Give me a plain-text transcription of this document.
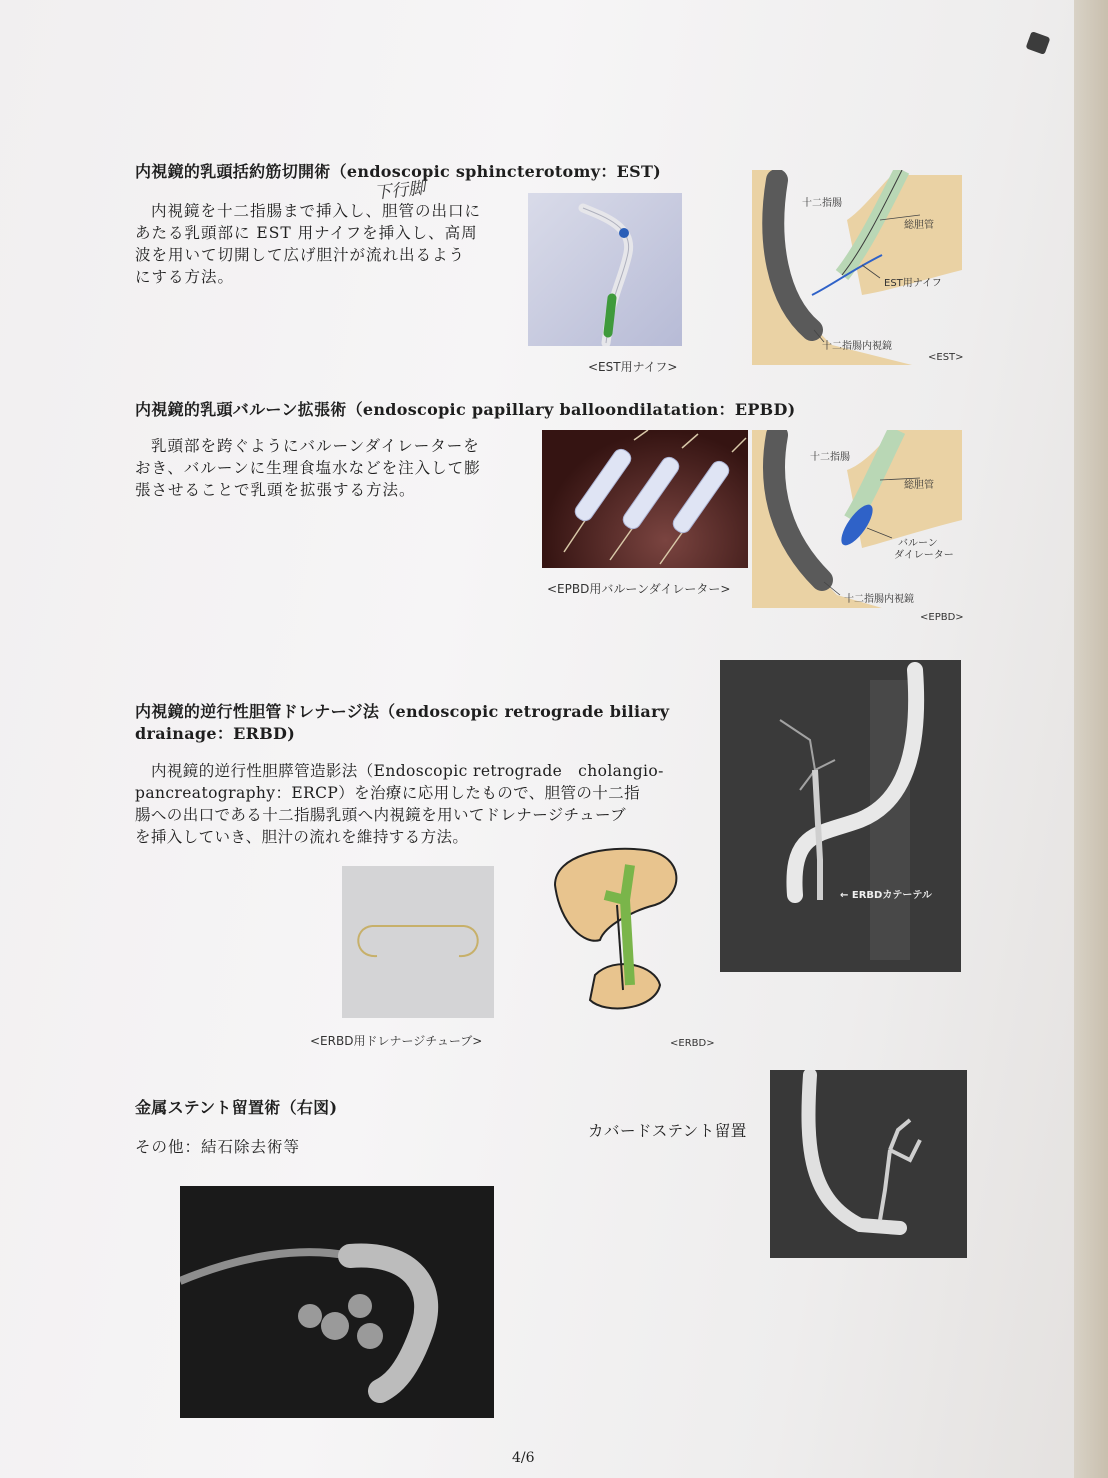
内視鏡的乳頭括約筋切開術（endoscopic sphincterotomy：EST)
下行脚
内視鏡を十二指腸まで挿入し、胆管の出口に
あたる乳頭部に EST 用ナイフを挿入し、高周
波を用いて切開して広げ胆汁が流れ出るよう
にする方法。
<EST用ナイフ>
十二指腸
総胆管
EST用ナイフ
十二指腸内視鏡
<EST>
内視鏡的乳頭バルーン拡張術（endoscopic papillary balloondilatation：EPBD)
乳頭部を跨ぐようにバルーンダイレーターを
おき、バルーンに生理食塩水などを注入して膨
張させることで乳頭を拡張する方法。
<EPBD用バルーンダイレーター>
十二指腸
総胆管
バルーン
ダイレーター
十二指腸内視鏡
<EPBD>
内視鏡的逆行性胆管ドレナージ法（endoscopic retrograde biliary
drainage：ERBD)
内視鏡的逆行性胆膵管造影法（Endoscopic retrograde　cholangio-
pancreatography：ERCP）を治療に応用したもので、胆管の十二指
腸への出口である十二指腸乳頭へ内視鏡を用いてドレナージチューブ
を挿入していき、胆汁の流れを維持する方法。
← ERBDカテーテル
<ERBD用ドレナージチューブ>	<ERBD>
金属ステント留置術（右図)
その他：結石除去術等
カバードステント留置
4/6
